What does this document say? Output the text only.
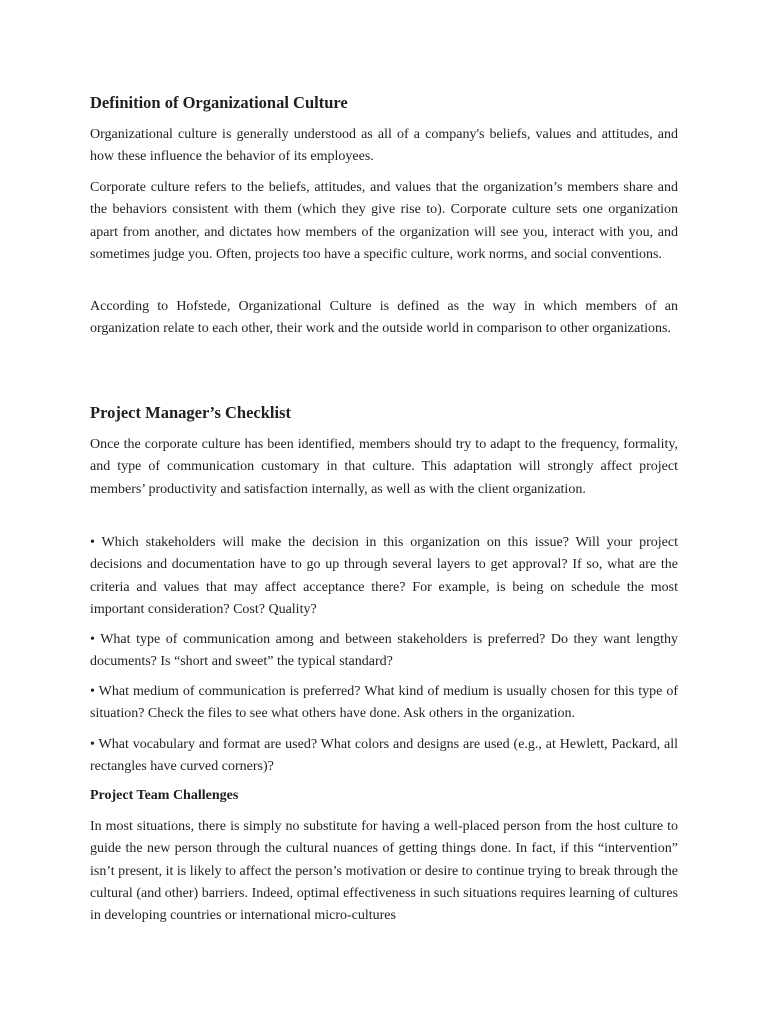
Definition of Organizational Culture

Organizational culture is generally understood as all of a company's beliefs, values and attitudes, and how these influence the behavior of its employees.

Corporate culture refers to the beliefs, attitudes, and values that the organization’s members share and the behaviors consistent with them (which they give rise to). Corporate culture sets one organization apart from another, and dictates how members of the organization will see you, interact with you, and sometimes judge you. Often, projects too have a specific culture, work norms, and social conventions.

According to Hofstede, Organizational Culture is defined as the way in which members of an organization relate to each other, their work and the outside world in comparison to other organizations.

Project Manager’s Checklist

Once the corporate culture has been identified, members should try to adapt to the frequency, formality, and type of communication customary in that culture. This adaptation will strongly affect project members’ productivity and satisfaction internally, as well as with the client organization.

• Which stakeholders will make the decision in this organization on this issue? Will your project decisions and documentation have to go up through several layers to get approval? If so, what are the criteria and values that may affect acceptance there? For example, is being on schedule the most important consideration? Cost? Quality?

• What type of communication among and between stakeholders is preferred? Do they want lengthy documents? Is “short and sweet” the typical standard?

• What medium of communication is preferred? What kind of medium is usually chosen for this type of situation? Check the files to see what others have done. Ask others in the organization.

• What vocabulary and format are used? What colors and designs are used (e.g., at Hewlett, Packard, all rectangles have curved corners)?

Project Team Challenges

In most situations, there is simply no substitute for having a well-placed person from the host culture to guide the new person through the cultural nuances of getting things done. In fact, if this “intervention” isn’t present, it is likely to affect the person’s motivation or desire to continue trying to break through the cultural (and other) barriers. Indeed, optimal effectiveness in such situations requires learning of cultures in developing countries or international micro-cultures
